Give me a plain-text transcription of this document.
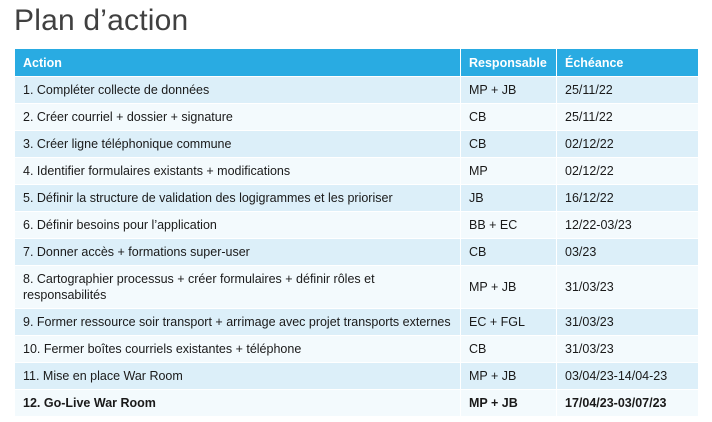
Plan d’action
Action	Responsable	Échéance
1. Compléter collecte de données	MP + JB	25/11/22
2. Créer courriel + dossier + signature	CB	25/11/22
3. Créer ligne téléphonique commune	CB	02/12/22
4. Identifier formulaires existants + modifications	MP	02/12/22
5. Définir la structure de validation des logigrammes et les prioriser	JB	16/12/22
6. Définir besoins pour l’application	BB + EC	12/22-03/23
7. Donner accès + formations super-user	CB	03/23
8. Cartographier processus + créer formulaires + définir rôles et responsabilités	MP + JB	31/03/23
9. Former ressource soir transport + arrimage avec projet transports externes	EC + FGL	31/03/23
10. Fermer boîtes courriels existantes + téléphone	CB	31/03/23
11. Mise en place War Room	MP + JB	03/04/23-14/04-23
12. Go-Live War Room	MP + JB	17/04/23-03/07/23
